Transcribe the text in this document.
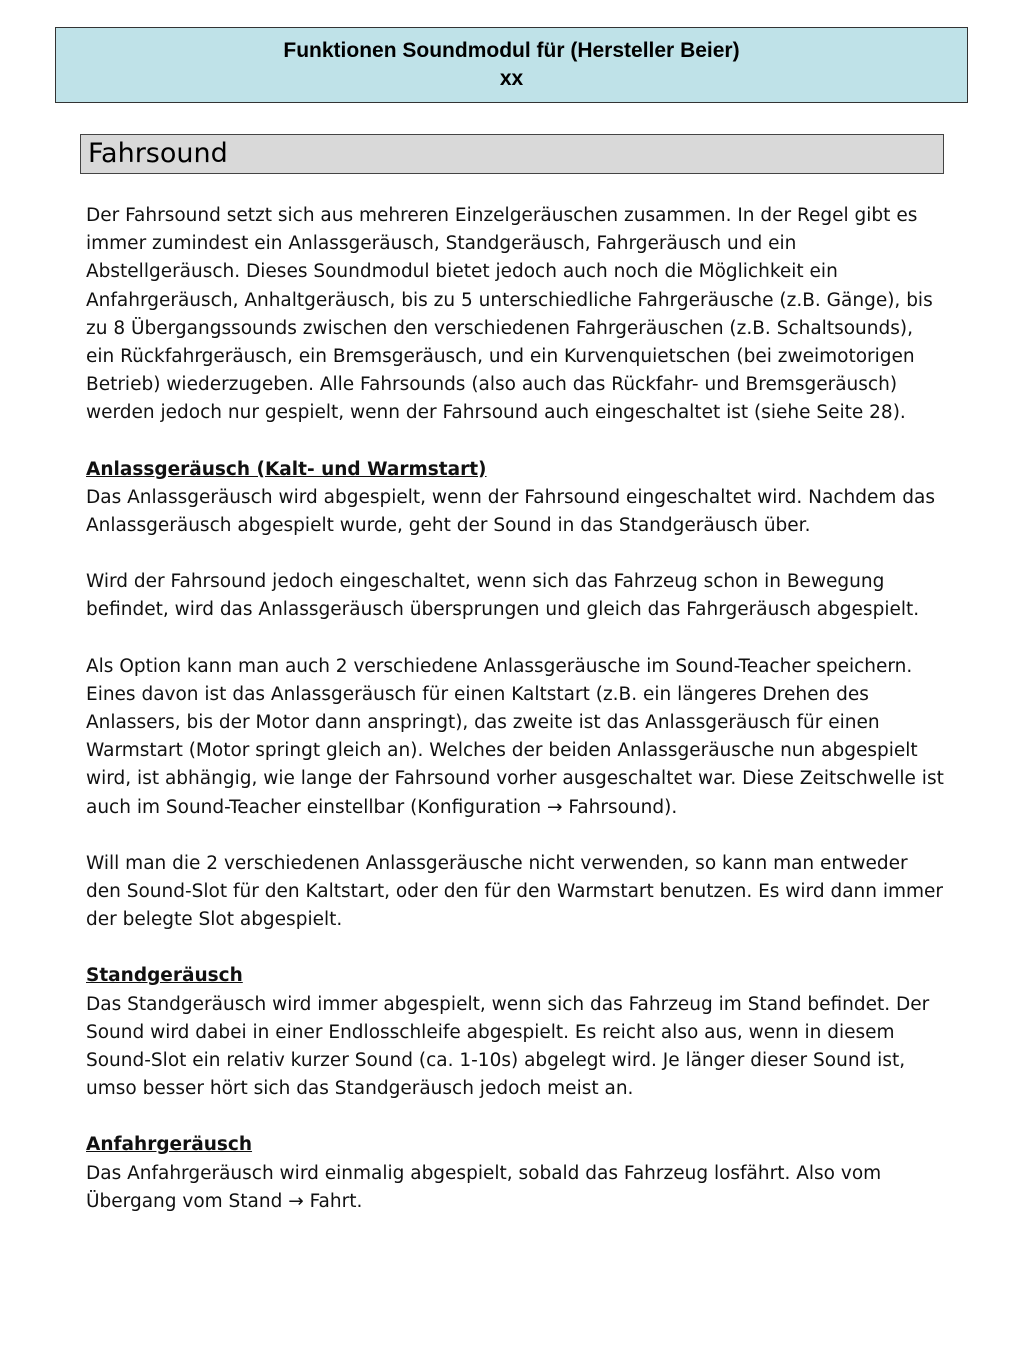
Funktionen Soundmodul für (Hersteller Beier)
xx
Fahrsound

Der Fahrsound setzt sich aus mehreren Einzelgeräuschen zusammen. In der Regel gibt es immer zumindest ein Anlassgeräusch, Standgeräusch, Fahrgeräusch und ein Abstellgeräusch. Dieses Soundmodul bietet jedoch auch noch die Möglichkeit ein Anfahrgeräusch, Anhaltgeräusch, bis zu 5 unterschiedliche Fahrgeräusche (z.B. Gänge), bis zu 8 Übergangssounds zwischen den verschiedenen Fahrgeräuschen (z.B. Schaltsounds), ein Rückfahrgeräusch, ein Bremsgeräusch, und ein Kurvenquietschen (bei zweimotorigen Betrieb) wiederzugeben. Alle Fahrsounds (also auch das Rückfahr- und Bremsgeräusch) werden jedoch nur gespielt, wenn der Fahrsound auch eingeschaltet ist (siehe Seite 28).

Anlassgeräusch (Kalt- und Warmstart)

Das Anlassgeräusch wird abgespielt, wenn der Fahrsound eingeschaltet wird. Nachdem das Anlassgeräusch abgespielt wurde, geht der Sound in das Standgeräusch über.

Wird der Fahrsound jedoch eingeschaltet, wenn sich das Fahrzeug schon in Bewegung befindet, wird das Anlassgeräusch übersprungen und gleich das Fahrgeräusch abgespielt.

Als Option kann man auch 2 verschiedene Anlassgeräusche im Sound-Teacher speichern. Eines davon ist das Anlassgeräusch für einen Kaltstart (z.B. ein längeres Drehen des Anlassers, bis der Motor dann anspringt), das zweite ist das Anlassgeräusch für einen Warmstart (Motor springt gleich an). Welches der beiden Anlassgeräusche nun abgespielt wird, ist abhängig, wie lange der Fahrsound vorher ausgeschaltet war. Diese Zeitschwelle ist auch im Sound-Teacher einstellbar (Konfiguration → Fahrsound).

Will man die 2 verschiedenen Anlassgeräusche nicht verwenden, so kann man entweder den Sound-Slot für den Kaltstart, oder den für den Warmstart benutzen. Es wird dann immer der belegte Slot abgespielt.

Standgeräusch

Das Standgeräusch wird immer abgespielt, wenn sich das Fahrzeug im Stand befindet. Der Sound wird dabei in einer Endlosschleife abgespielt. Es reicht also aus, wenn in diesem Sound-Slot ein relativ kurzer Sound (ca. 1-10s) abgelegt wird. Je länger dieser Sound ist, umso besser hört sich das Standgeräusch jedoch meist an.

Anfahrgeräusch

Das Anfahrgeräusch wird einmalig abgespielt, sobald das Fahrzeug losfährt. Also vom Übergang vom Stand → Fahrt.
